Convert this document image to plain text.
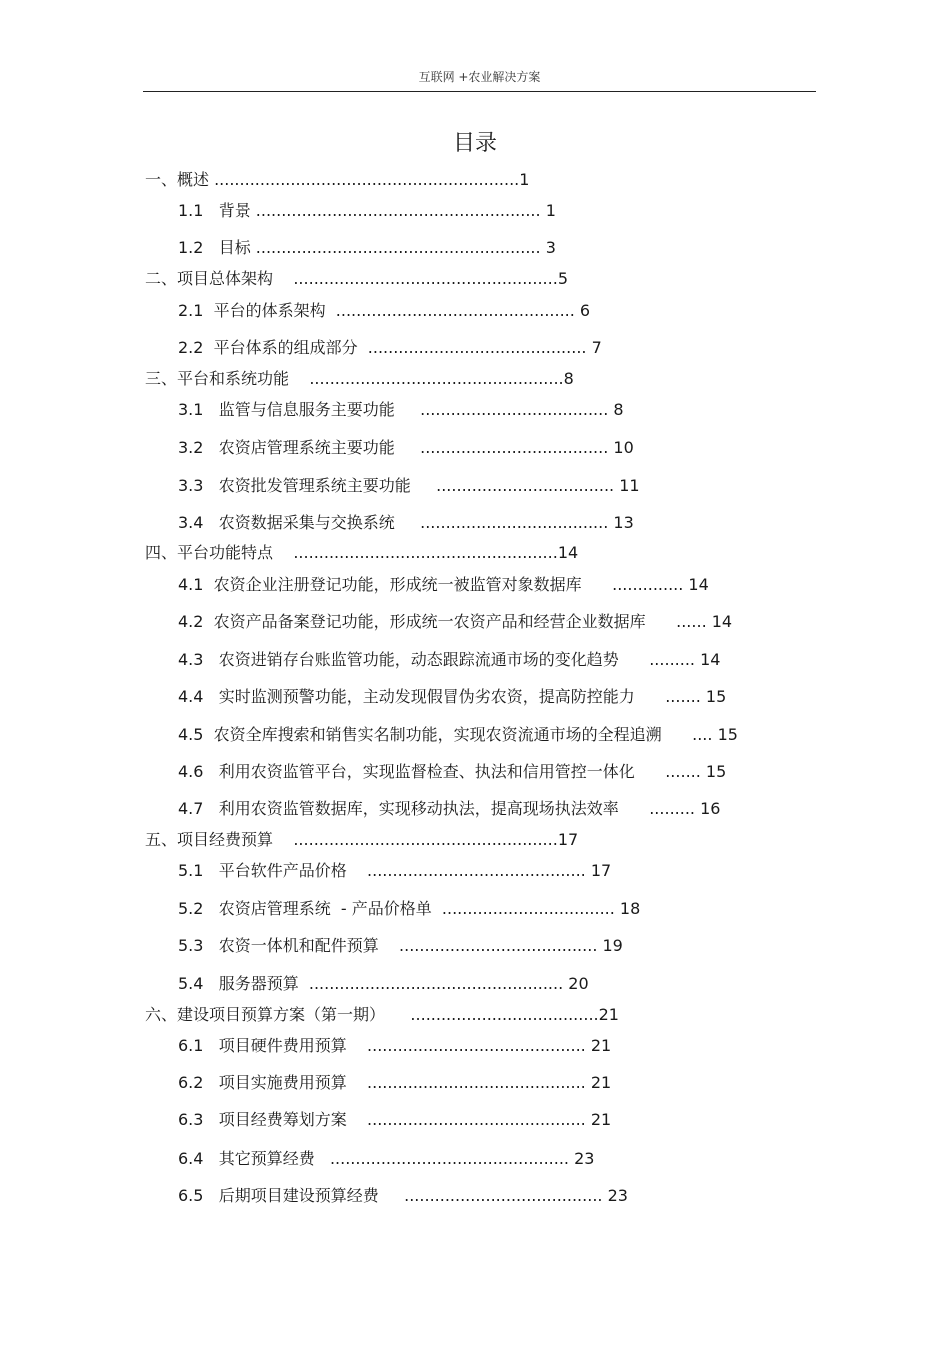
互联网 +农业解决方案
目录
一、概述 ............................................................1
1.1   背景 ........................................................ 1
1.2   目标 ........................................................ 3
二、项目总体架构    ....................................................5
2.1  平台的体系架构  ............................................... 6
2.2  平台体系的组成部分  ........................................... 7
三、平台和系统功能    ..................................................8
3.1   监管与信息服务主要功能     ..................................... 8
3.2   农资店管理系统主要功能     ..................................... 10
3.3   农资批发管理系统主要功能     ................................... 11
3.4   农资数据采集与交换系统     ..................................... 13
四、平台功能特点    ....................................................14
4.1  农资企业注册登记功能，形成统一被监管对象数据库      .............. 14
4.2  农资产品备案登记功能，形成统一农资产品和经营企业数据库      ...... 14
4.3   农资进销存台账监管功能，动态跟踪流通市场的变化趋势      ......... 14
4.4   实时监测预警功能，主动发现假冒伪劣农资，提高防控能力      ....... 15
4.5  农资全库搜索和销售实名制功能，实现农资流通市场的全程追溯      .... 15
4.6   利用农资监管平台，实现监督检查、执法和信用管控一体化      ....... 15
4.7   利用农资监管数据库，实现移动执法，提高现场执法效率      ......... 16
五、项目经费预算    ....................................................17
5.1   平台软件产品价格    ........................................... 17
5.2   农资店管理系统  - 产品价格单  .................................. 18
5.3   农资一体机和配件预算    ....................................... 19
5.4   服务器预算  .................................................. 20
六、建设项目预算方案（第一期）     .....................................21
6.1   项目硬件费用预算    ........................................... 21
6.2   项目实施费用预算    ........................................... 21
6.3   项目经费筹划方案    ........................................... 21
6.4   其它预算经费   ............................................... 23
6.5   后期项目建设预算经费     ....................................... 23
